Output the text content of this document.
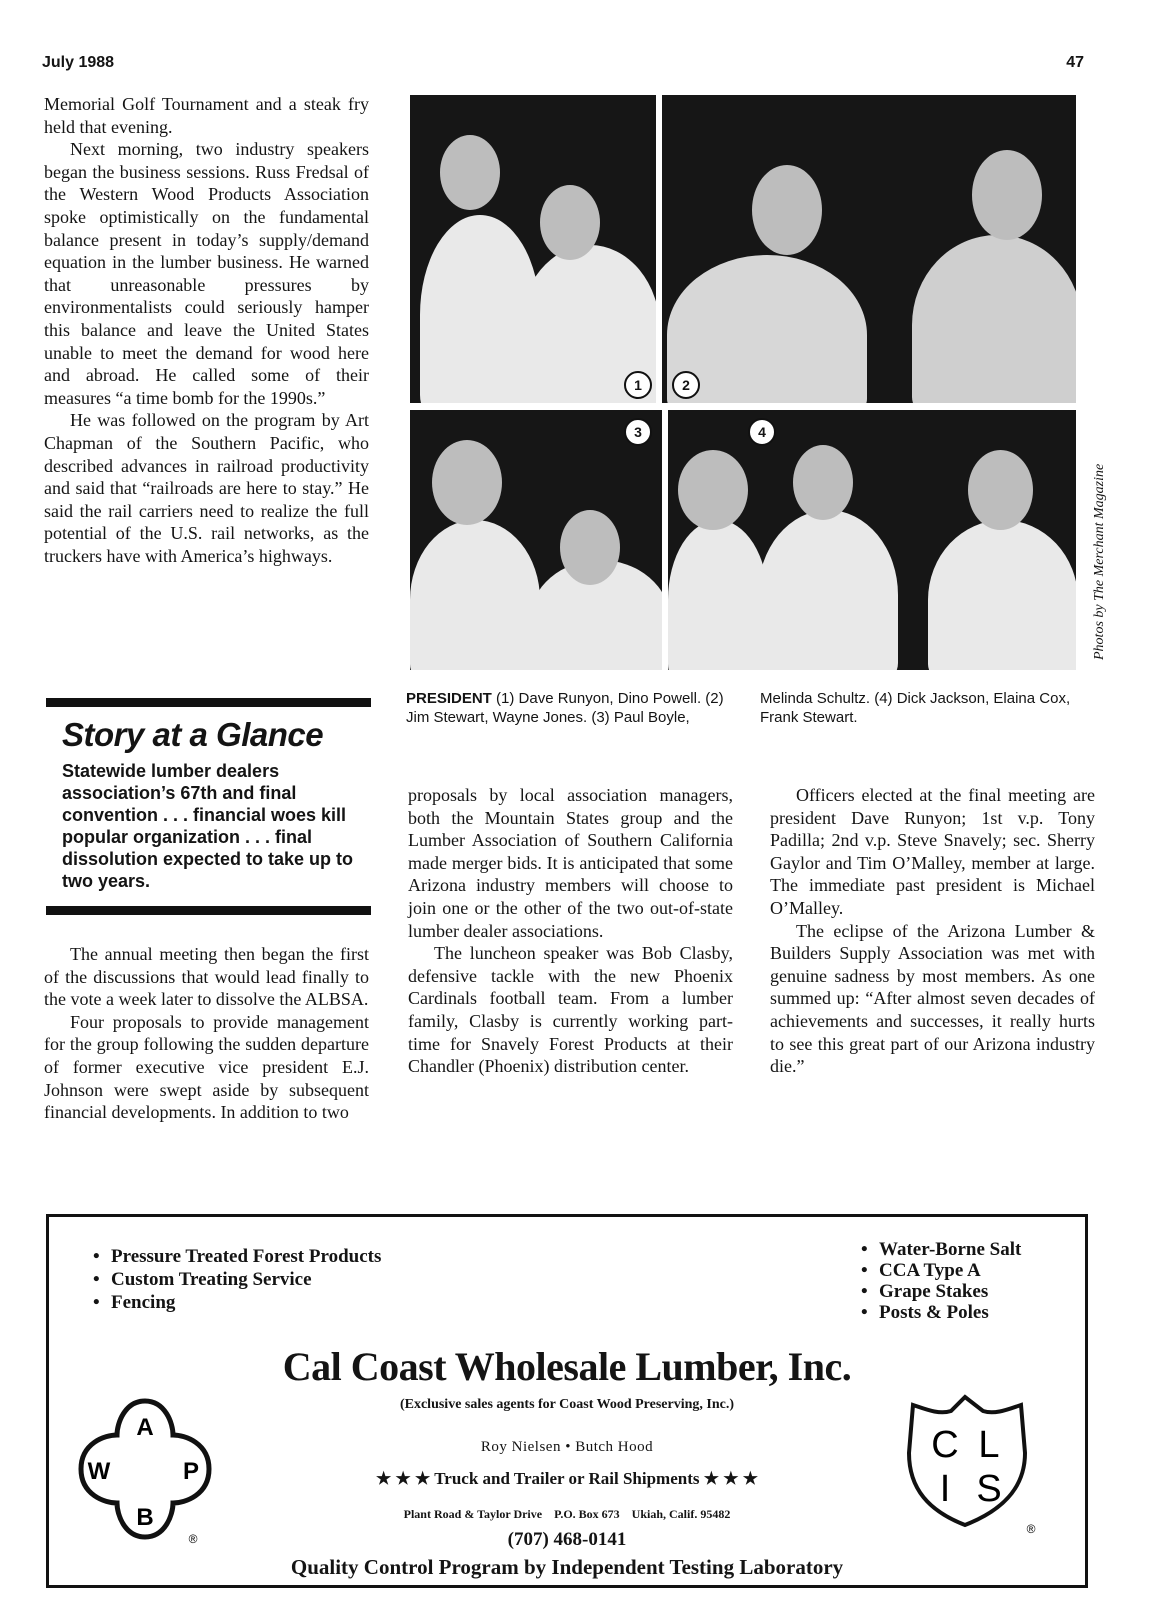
July 1988	47

Memorial Golf Tournament and a steak fry held that evening.

Next morning, two industry speakers began the business sessions. Russ Fredsal of the Western Wood Products Association spoke optimistically on the fundamental balance present in today’s supply/demand equation in the lumber business. He warned that unreasonable pressures by environmentalists could seriously hamper this balance and leave the United States unable to meet the demand for wood here and abroad. He called some of their measures “a time bomb for the 1990s.”

He was followed on the program by Art Chapman of the Southern Pacific, who described advances in railroad productivity and said that “railroads are here to stay.” He said the rail carriers need to realize the full potential of the U.S. rail networks, as the truckers have with America’s highways.

Story at a Glance
Statewide lumber dealers association’s 67th and final convention . . . financial woes kill popular organization . . . final dissolution expected to take up to two years.

The annual meeting then began the first of the discussions that would lead finally to the vote a week later to dissolve the ALBSA.

Four proposals to provide management for the group following the sudden departure of former executive vice president E.J. Johnson were swept aside by subsequent financial developments. In addition to two

1	2
3	4
Photos by The Merchant Magazine
PRESIDENT (1) Dave Runyon, Dino Powell. (2) Jim Stewart, Wayne Jones. (3) Paul Boyle,
Melinda Schultz. (4) Dick Jackson, Elaina Cox, Frank Stewart.

proposals by local association managers, both the Mountain States group and the Lumber Association of Southern California made merger bids. It is anticipated that some Arizona industry members will choose to join one or the other of the two out-of-state lumber dealer associations.

The luncheon speaker was Bob Clasby, defensive tackle with the new Phoenix Cardinals football team. From a lumber family, Clasby is currently working part-time for Snavely Forest Products at their Chandler (Phoenix) distribution center.

Officers elected at the final meeting are president Dave Runyon; 1st v.p. Tony Padilla; 2nd v.p. Steve Snavely; sec. Sherry Gaylor and Tim O’Malley, member at large. The immediate past president is Michael O’Malley.

The eclipse of the Arizona Lumber & Builders Supply Association was met with genuine sadness by most members. As one summed up: “After almost seven decades of achievements and successes, it really hurts to see this great part of our Arizona industry die.”

• Pressure Treated Forest Products
• Custom Treating Service
• Fencing
• Water-Borne Salt
• CCA Type A
• Grape Stakes
• Posts & Poles
Cal Coast Wholesale Lumber, Inc.
(Exclusive sales agents for Coast Wood Preserving, Inc.)
Roy Nielsen • Butch Hood
★ ★ ★ Truck and Trailer or Rail Shipments ★ ★ ★
Plant Road & Taylor Drive    P.O. Box 673    Ukiah, Calif. 95482
(707) 468-0141
Quality Control Program by Independent Testing Laboratory
A
W	P
B
®
C L
I S
®
